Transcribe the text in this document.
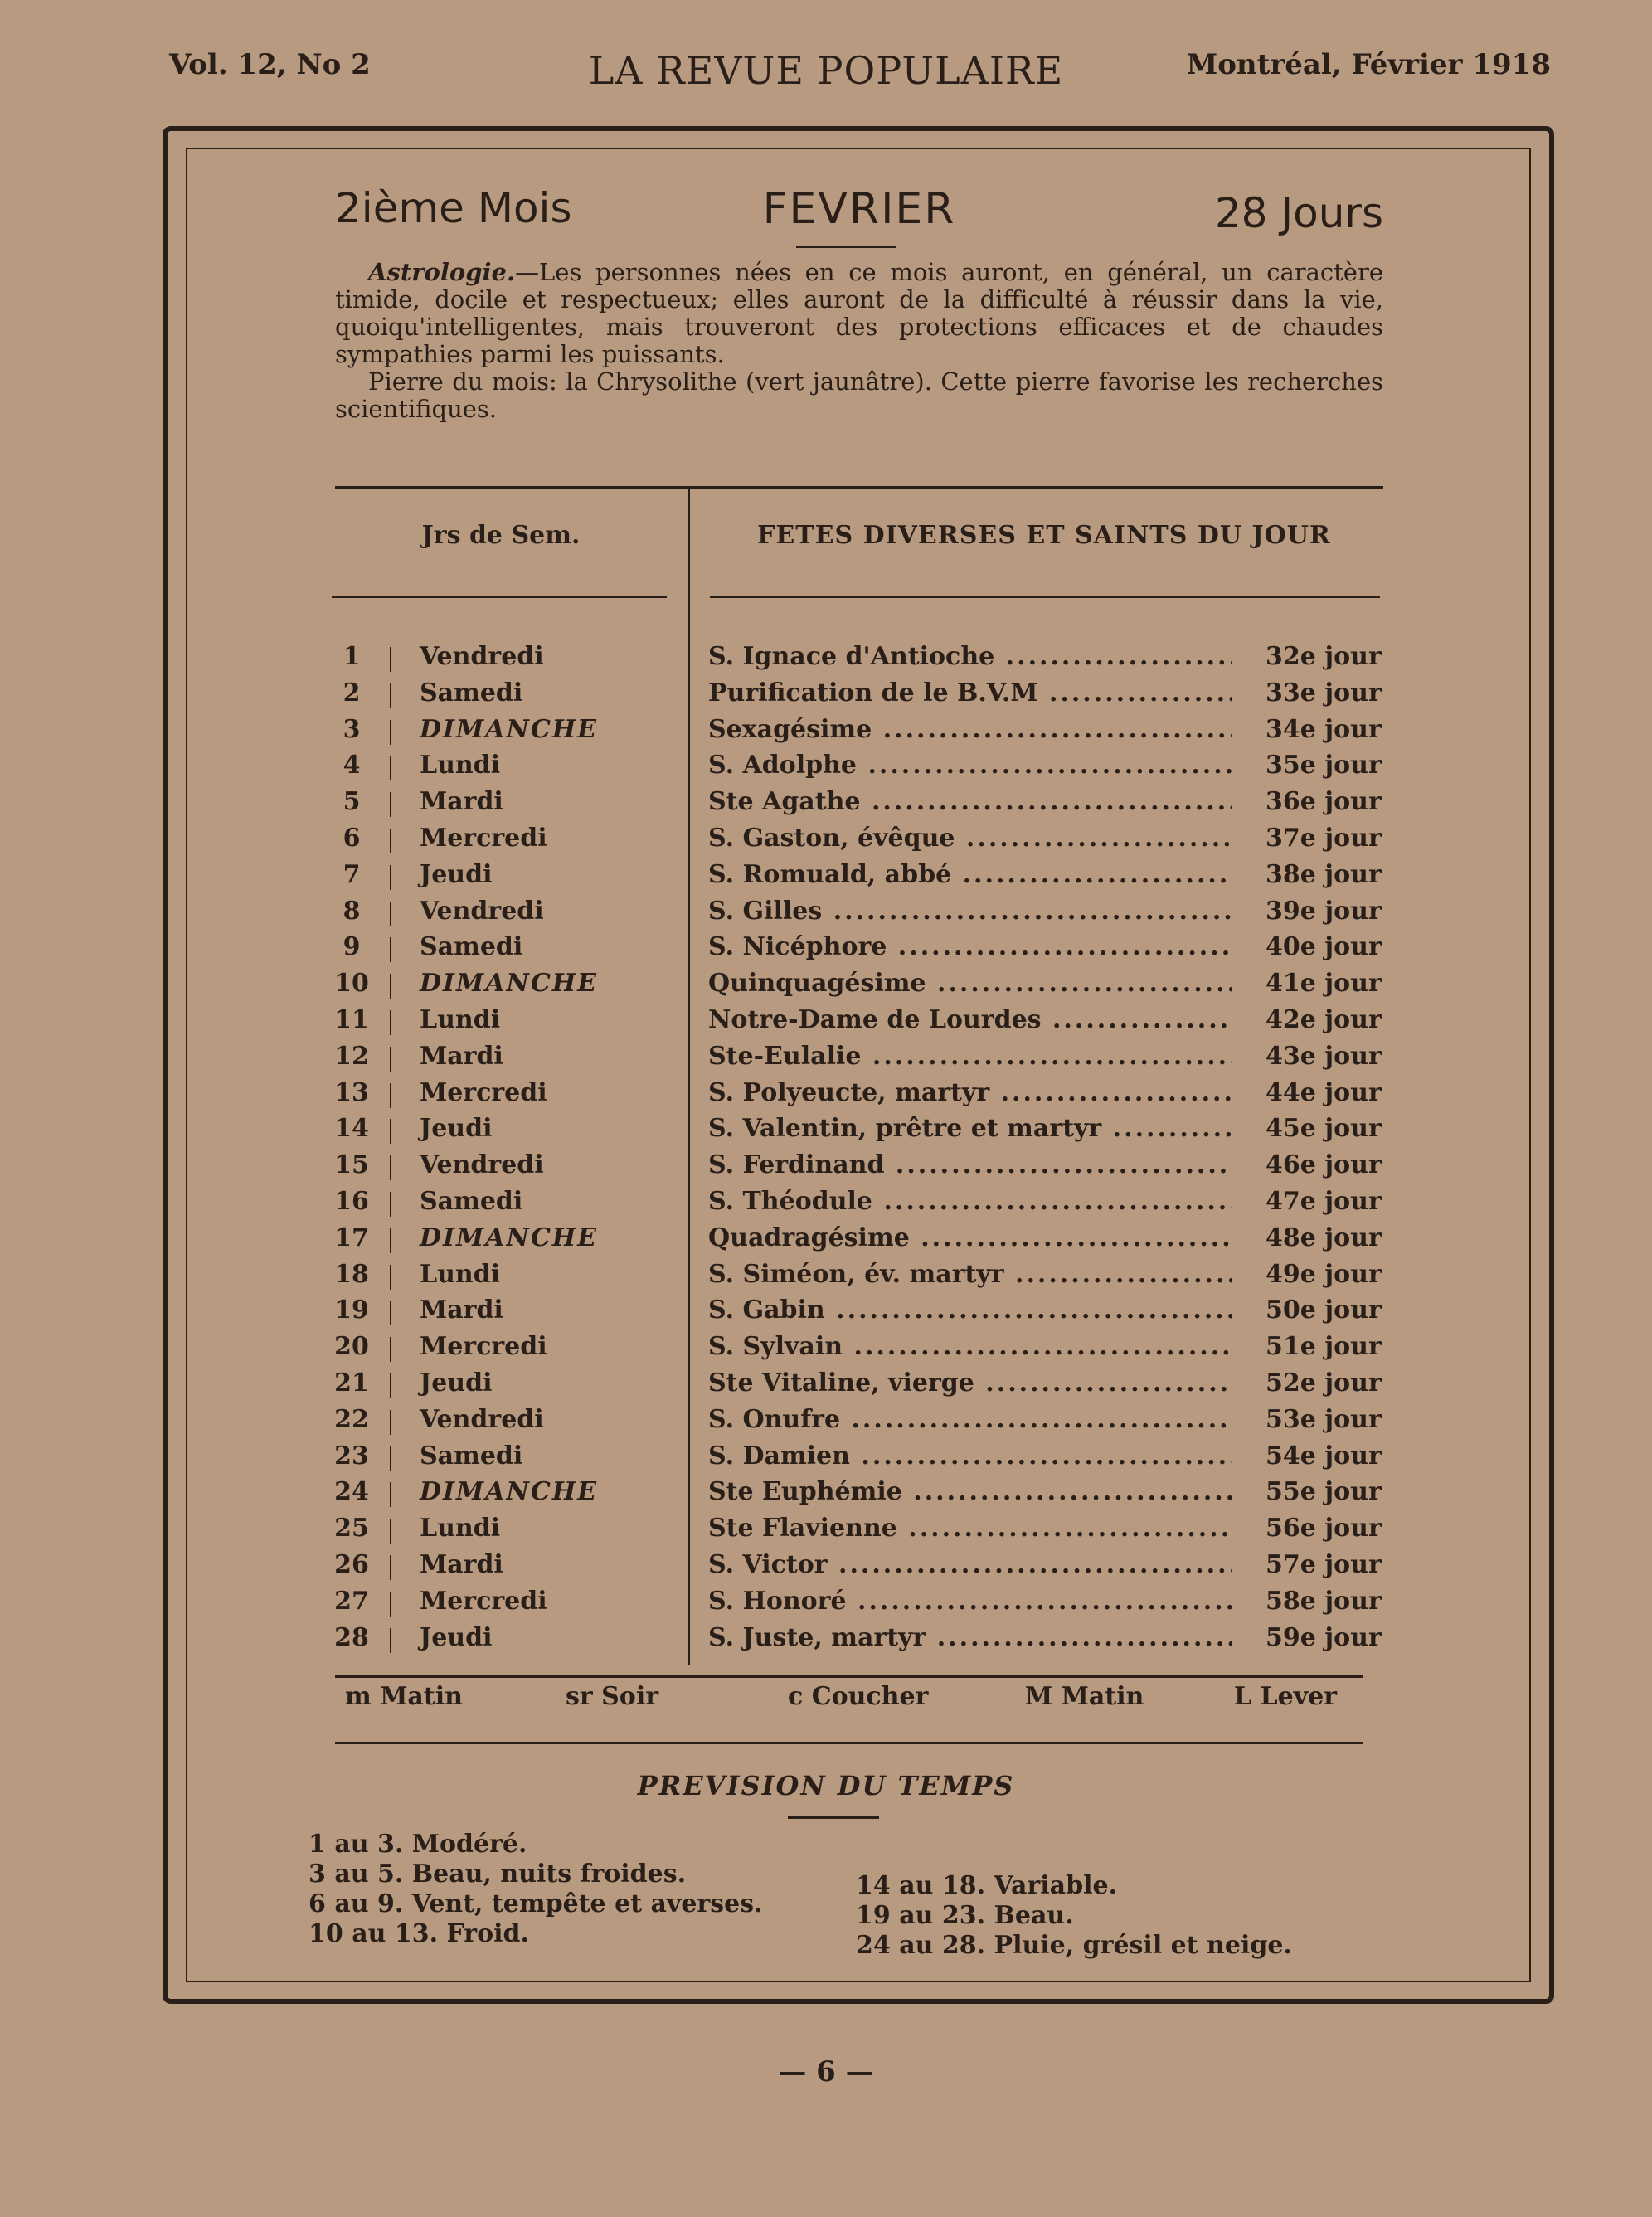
Vol. 12, No 2	LA REVUE POPULAIRE	Montréal, Février 1918
2ième Mois	FEVRIER	28 Jours

Astrologie.—Les personnes nées en ce mois auront, en général, un caractère timide, docile et respectueux; elles auront de la difficulté à réussir dans la vie, quoiqu'intelligentes, mais trouveront des protections efficaces et de chaudes sympathies parmi les puissants.

Pierre du mois: la Chrysolithe (vert jaunâtre). Cette pierre favorise les recherches scientifiques.

Jrs de Sem.	FETES DIVERSES ET SAINTS DU JOUR
1	Vendredi	S. Ignace d'Antioche .....	32e jour
2	Samedi	Purification de le B.V.M .....	33e jour
3	DIMANCHE	Sexagésime .....	34e jour
4	Lundi	S. Adolphe .....	35e jour
5	Mardi	Ste Agathe .....	36e jour
6	Mercredi	S. Gaston, évêque .....	37e jour
7	Jeudi	S. Romuald, abbé .....	38e jour
8	Vendredi	S. Gilles .....	39e jour
9	Samedi	S. Nicéphore .....	40e jour
10	DIMANCHE	Quinquagésime .....	41e jour
11	Lundi	Notre-Dame de Lourdes .....	42e jour
12	Mardi	Ste-Eulalie .....	43e jour
13	Mercredi	S. Polyeucte, martyr .....	44e jour
14	Jeudi	S. Valentin, prêtre et martyr .....	45e jour
15	Vendredi	S. Ferdinand .....	46e jour
16	Samedi	S. Théodule .....	47e jour
17	DIMANCHE	Quadragésime .....	48e jour
18	Lundi	S. Siméon, év. martyr .....	49e jour
19	Mardi	S. Gabin .....	50e jour
20	Mercredi	S. Sylvain .....	51e jour
21	Jeudi	Ste Vitaline, vierge .....	52e jour
22	Vendredi	S. Onufre .....	53e jour
23	Samedi	S. Damien .....	54e jour
24	DIMANCHE	Ste Euphémie .....	55e jour
25	Lundi	Ste Flavienne .....	56e jour
26	Mardi	S. Victor .....	57e jour
27	Mercredi	S. Honoré .....	58e jour
28	Jeudi	S. Juste, martyr .....	59e jour
m Matin	sr Soir	c Coucher	M Matin	L Lever
PREVISION DU TEMPS
1 au 3. Modéré.
3 au 5. Beau, nuits froides.
6 au 9. Vent, tempête et averses.
10 au 13. Froid.
14 au 18. Variable.
19 au 23. Beau.
24 au 28. Pluie, grésil et neige.
— 6 —
